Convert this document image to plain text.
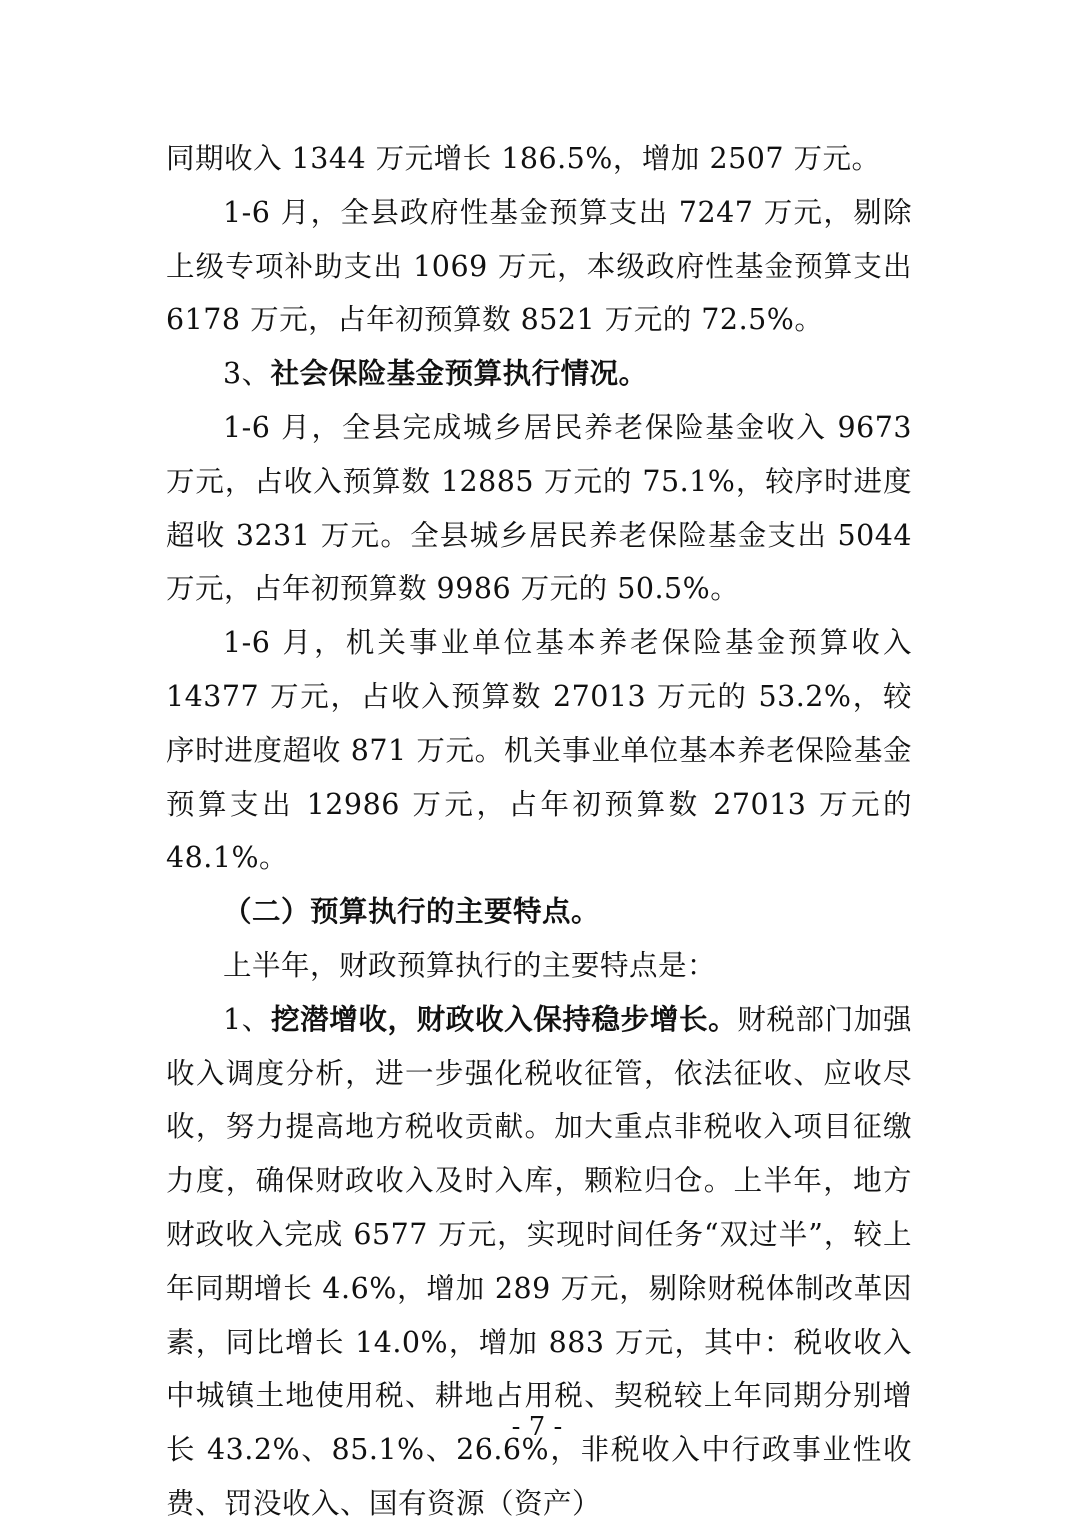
同期收入 1344 万元增长 186.5%，增加 2507 万元。

1-6 月，全县政府性基金预算支出 7247 万元，剔除上级专项补助支出 1069 万元，本级政府性基金预算支出 6178 万元，占年初预算数 8521 万元的 72.5%。

3、社会保险基金预算执行情况。

1-6 月，全县完成城乡居民养老保险基金收入 9673 万元，占收入预算数 12885 万元的 75.1%，较序时进度超收 3231 万元。全县城乡居民养老保险基金支出 5044 万元，占年初预算数 9986 万元的 50.5%。

1-6 月，机关事业单位基本养老保险基金预算收入 14377 万元，占收入预算数 27013 万元的 53.2%，较序时进度超收 871 万元。机关事业单位基本养老保险基金预算支出 12986 万元，占年初预算数 27013 万元的 48.1%。

（二）预算执行的主要特点。

上半年，财政预算执行的主要特点是：

1、挖潜增收，财政收入保持稳步增长。财税部门加强收入调度分析，进一步强化税收征管，依法征收、应收尽收，努力提高地方税收贡献。加大重点非税收入项目征缴力度，确保财政收入及时入库，颗粒归仓。上半年，地方财政收入完成 6577 万元，实现时间任务“双过半”，较上年同期增长 4.6%，增加 289 万元，剔除财税体制改革因素，同比增长 14.0%，增加 883 万元，其中：税收收入中城镇土地使用税、耕地占用税、契税较上年同期分别增长 43.2%、85.1%、26.6%，非税收入中行政事业性收费、罚没收入、国有资源（资产）

- 7 -
